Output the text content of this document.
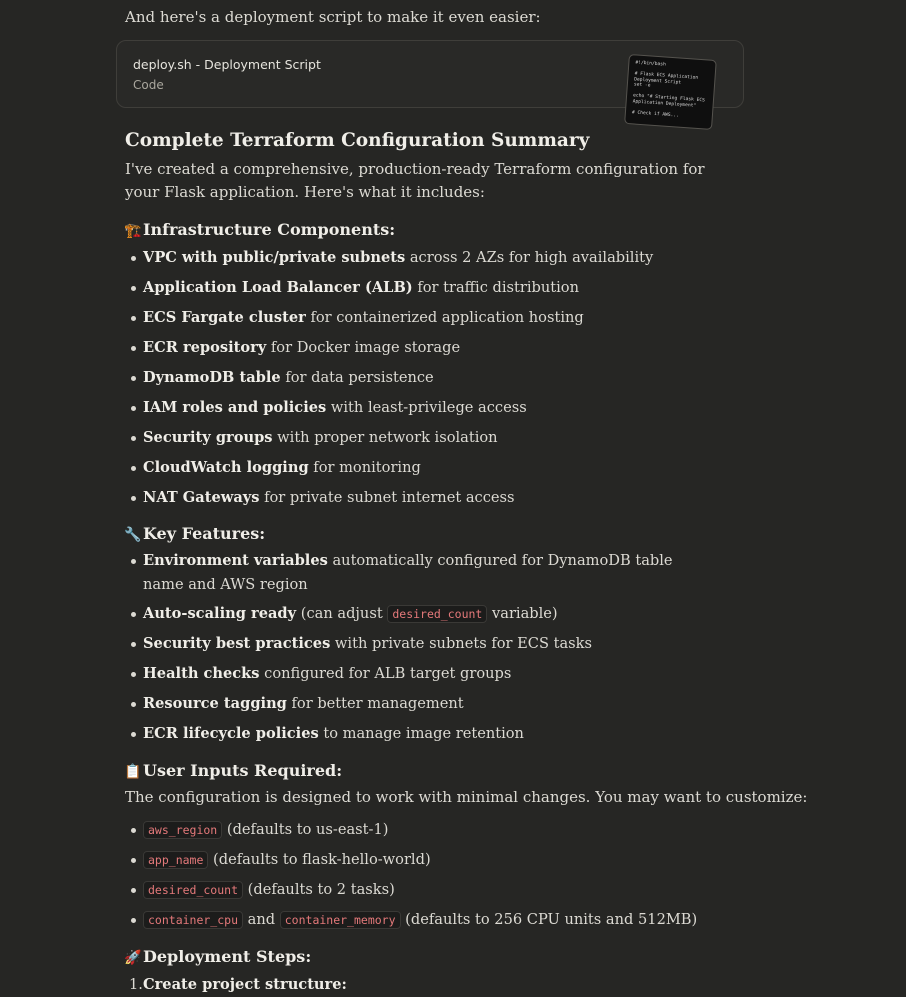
And here's a deployment script to make it even easier:

deploy.sh - Deployment Script
Code
#!/bin/bash

# Flask ECS Application
Deployment Script
set -e

echo "# Starting Flask ECS
Application Deployment"

# Check if AWS...
Complete Terraform Configuration Summary

I've created a comprehensive, production-ready Terraform configuration for your Flask application. Here's what it includes:

🏗️Infrastructure Components:
VPC with public/private subnets across 2 AZs for high availability
Application Load Balancer (ALB) for traffic distribution
ECS Fargate cluster for containerized application hosting
ECR repository for Docker image storage
DynamoDB table for data persistence
IAM roles and policies with least-privilege access
Security groups with proper network isolation
CloudWatch logging for monitoring
NAT Gateways for private subnet internet access
🔧Key Features:
Environment variables automatically configured for DynamoDB table name and AWS region
Auto-scaling ready (can adjust desired_count variable)
Security best practices with private subnets for ECS tasks
Health checks configured for ALB target groups
Resource tagging for better management
ECR lifecycle policies to manage image retention
📋User Inputs Required:

The configuration is designed to work with minimal changes. You may want to customize:

aws_region (defaults to us-east-1)
app_name (defaults to flask-hello-world)
desired_count (defaults to 2 tasks)
container_cpu and container_memory (defaults to 256 CPU units and 512MB)
🚀Deployment Steps:
1. Create project structure:
